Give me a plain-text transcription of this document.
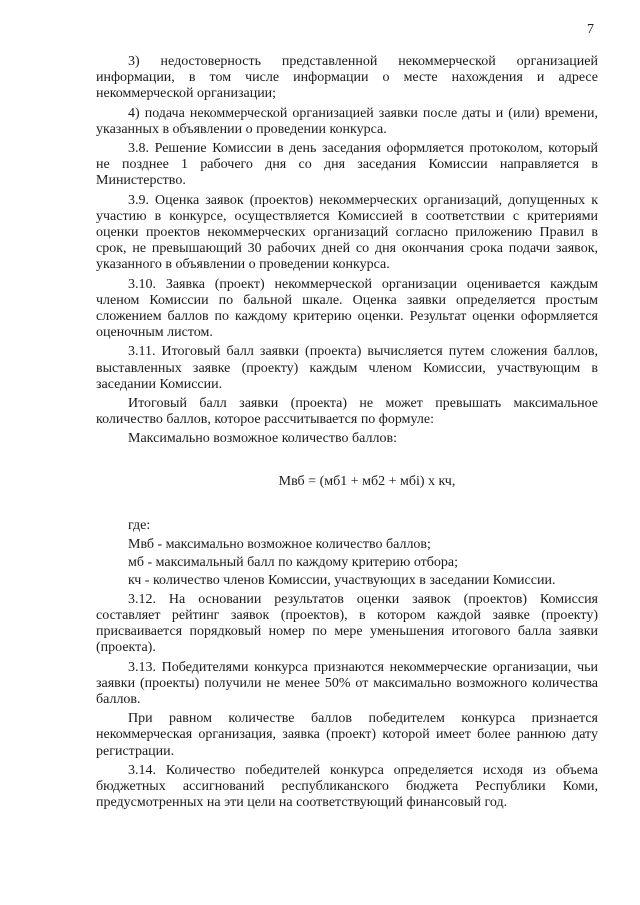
7

3) недостоверность представленной некоммерческой организацией информации, в том числе информации о месте нахождения и адресе некоммерческой организации;

4) подача некоммерческой организацией заявки после даты и (или) времени, указанных в объявлении о проведении конкурса.

3.8. Решение Комиссии в день заседания оформляется протоколом, который не позднее 1 рабочего дня со дня заседания Комиссии направляется в Министерство.

3.9. Оценка заявок (проектов) некоммерческих организаций, допущенных к участию в конкурсе, осуществляется Комиссией в соответствии с критериями оценки проектов некоммерческих организаций согласно приложению Правил в срок, не превышающий 30 рабочих дней со дня окончания срока подачи заявок, указанного в объявлении о проведении конкурса.

3.10. Заявка (проект) некоммерческой организации оценивается каждым членом Комиссии по бальной шкале. Оценка заявки определяется простым сложением баллов по каждому критерию оценки. Результат оценки оформляется оценочным листом.

3.11. Итоговый балл заявки (проекта) вычисляется путем сложения баллов, выставленных заявке (проекту) каждым членом Комиссии, участвующим в заседании Комиссии.

Итоговый балл заявки (проекта) не может превышать максимальное количество баллов, которое рассчитывается по формуле:

Максимально возможное количество баллов:

Мвб = (мб1 + мб2 + мбi) х кч,

где:

Мвб - максимально возможное количество баллов;

мб - максимальный балл по каждому критерию отбора;

кч - количество членов Комиссии, участвующих в заседании Комиссии.

3.12. На основании результатов оценки заявок (проектов) Комиссия составляет рейтинг заявок (проектов), в котором каждой заявке (проекту) присваивается порядковый номер по мере уменьшения итогового балла заявки (проекта).

3.13. Победителями конкурса признаются некоммерческие организации, чьи заявки (проекты) получили не менее 50% от максимально возможного количества баллов.

При равном количестве баллов победителем конкурса признается некоммерческая организация, заявка (проект) которой имеет более раннюю дату регистрации.

3.14. Количество победителей конкурса определяется исходя из объема бюджетных ассигнований республиканского бюджета Республики Коми, предусмотренных на эти цели на соответствующий финансовый год.
